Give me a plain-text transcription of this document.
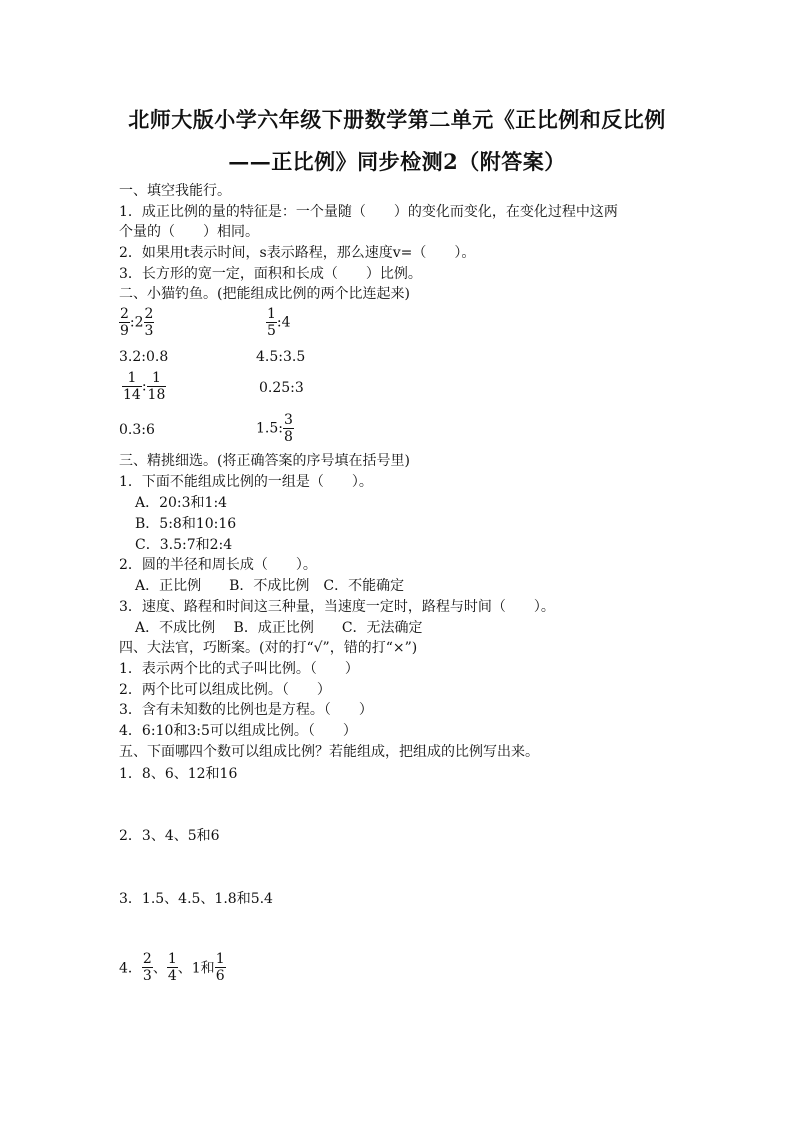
北师大版小学六年级下册数学第二单元《正比例和反比例
——正比例》同步检测2（附答案）
一、填空我能行。
1．成正比例的量的特征是：一个量随（　　）的变化而变化，在变化过程中这两
个量的（　　）相同。
2．如果用t表示时间，s表示路程，那么速度v=（　　）。
3．长方形的宽一定，面积和长成（　　）比例。
二、小猫钓鱼。(把能组成比例的两个比连起来)
$\frac{2}{9}$ :2 $\frac{2}{3}$	$\frac{1}{5}$ :4
3.2:0.8	4.5:3.5
$\frac{1}{14}$ : $\frac{1}{18}$	0.25:3
0.3:6	1.5: $\frac{3}{8}$
三、精挑细选。(将正确答案的序号填在括号里)
1．下面不能组成比例的一组是（　　）。
A．20:3和1:4
B．5:8和10:16
C．3.5:7和2:4
2．圆的半径和周长成（　　）。
A．正比例　　B．不成比例　C．不能确定
3．速度、路程和时间这三种量，当速度一定时，路程与时间（　　）。
A．不成比例　 B．成正比例　　C．无法确定
四、大法官，巧断案。(对的打“√”，错的打“×”)
1．表示两个比的式子叫比例。（　　）
2．两个比可以组成比例。（　　）
3．含有未知数的比例也是方程。（　　）
4．6:10和3:5可以组成比例。（　　）
五、下面哪四个数可以组成比例？若能组成，把组成的比例写出来。
1．8、6、12和16
2．3、4、5和6
3．1.5、4.5、1.8和5.4
4． $\frac{2}{3}$ 、 $\frac{1}{4}$ 、1和 $\frac{1}{6}$
